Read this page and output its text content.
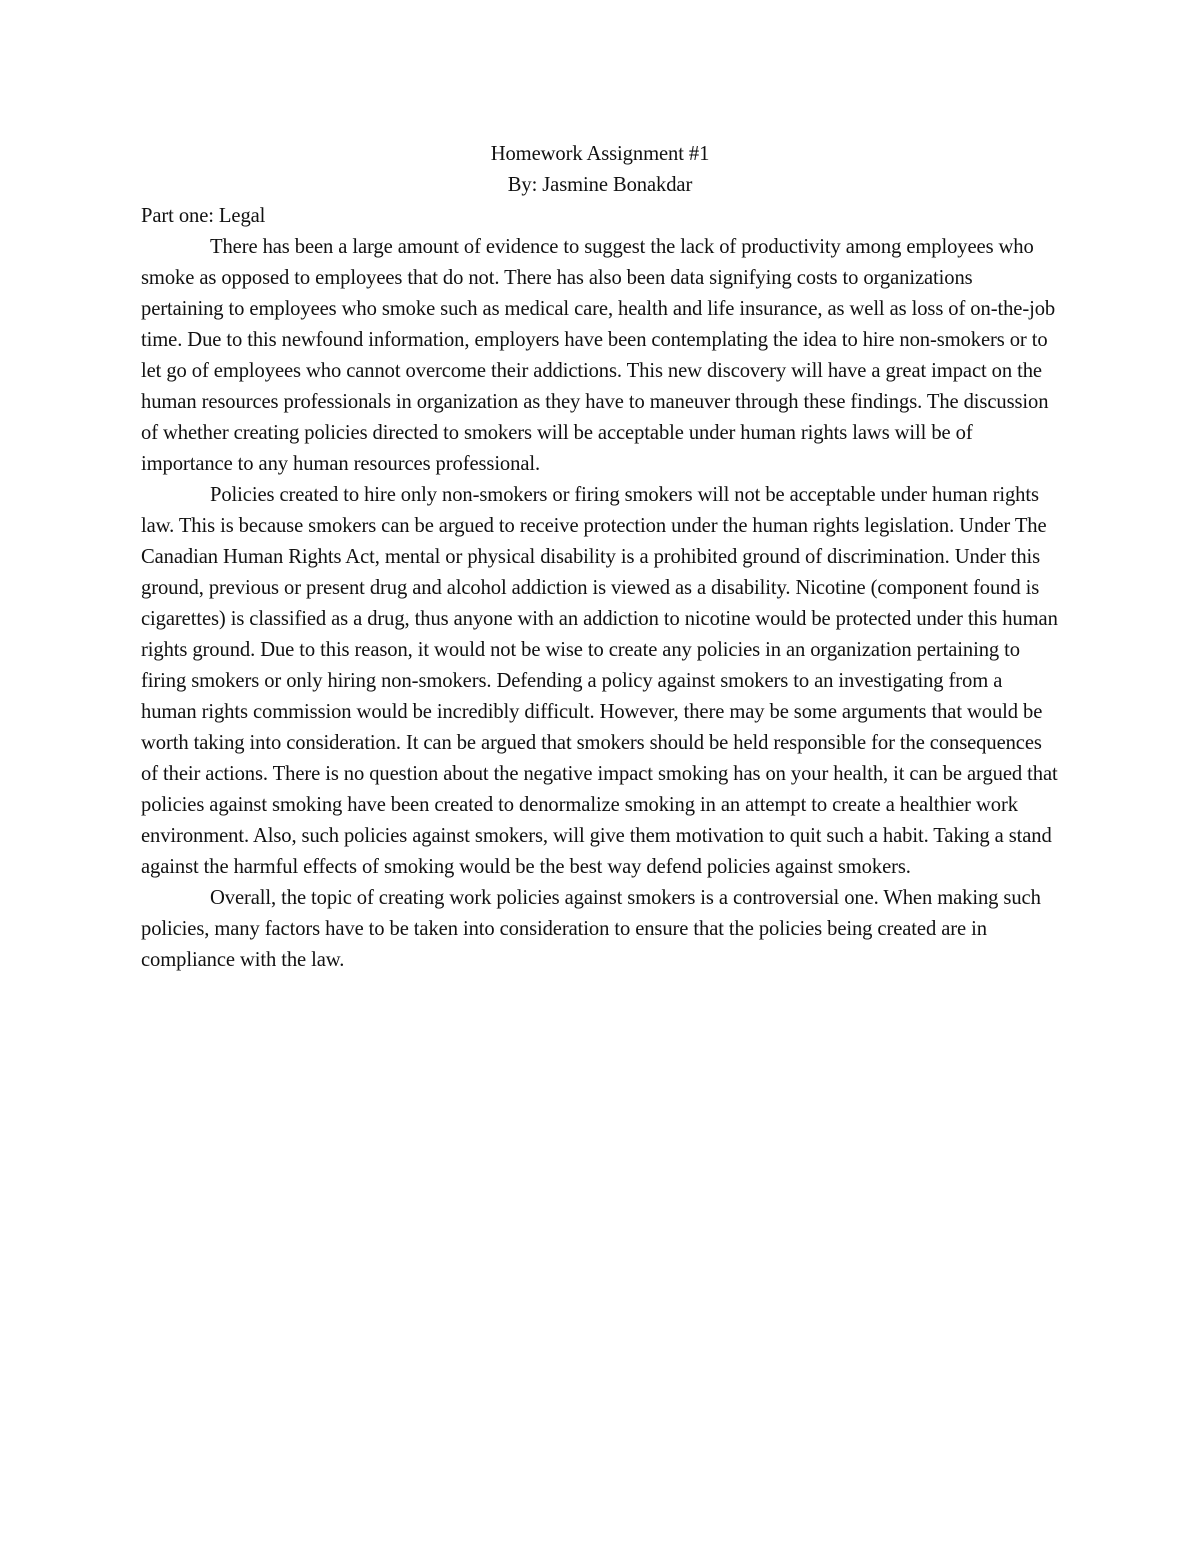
Homework Assignment #1

By: Jasmine Bonakdar

Part one: Legal

There has been a large amount of evidence to suggest the lack of productivity among employees who smoke as opposed to employees that do not. There has also been data signifying costs to organizations pertaining to employees who smoke such as medical care, health and life insurance, as well as loss of on-the-job time. Due to this newfound information, employers have been contemplating the idea to hire non-smokers or to let go of employees who cannot overcome their addictions. This new discovery will have a great impact on the human resources professionals in organization as they have to maneuver through these findings. The discussion of whether creating policies directed to smokers will be acceptable under human rights laws will be of importance to any human resources professional.

Policies created to hire only non-smokers or firing smokers will not be acceptable under human rights law. This is because smokers can be argued to receive protection under the human rights legislation. Under The Canadian Human Rights Act, mental or physical disability is a prohibited ground of discrimination. Under this ground, previous or present drug and alcohol addiction is viewed as a disability. Nicotine (component found is cigarettes) is classified as a drug, thus anyone with an addiction to nicotine would be protected under this human rights ground. Due to this reason, it would not be wise to create any policies in an organization pertaining to firing smokers or only hiring non-smokers. Defending a policy against smokers to an investigating from a human rights commission would be incredibly difficult. However, there may be some arguments that would be worth taking into consideration. It can be argued that smokers should be held responsible for the consequences of their actions. There is no question about the negative impact smoking has on your health, it can be argued that policies against smoking have been created to denormalize smoking in an attempt to create a healthier work environment. Also, such policies against smokers, will give them motivation to quit such a habit. Taking a stand against the harmful effects of smoking would be the best way defend policies against smokers.

Overall, the topic of creating work policies against smokers is a controversial one. When making such policies, many factors have to be taken into consideration to ensure that the policies being created are in compliance with the law.
